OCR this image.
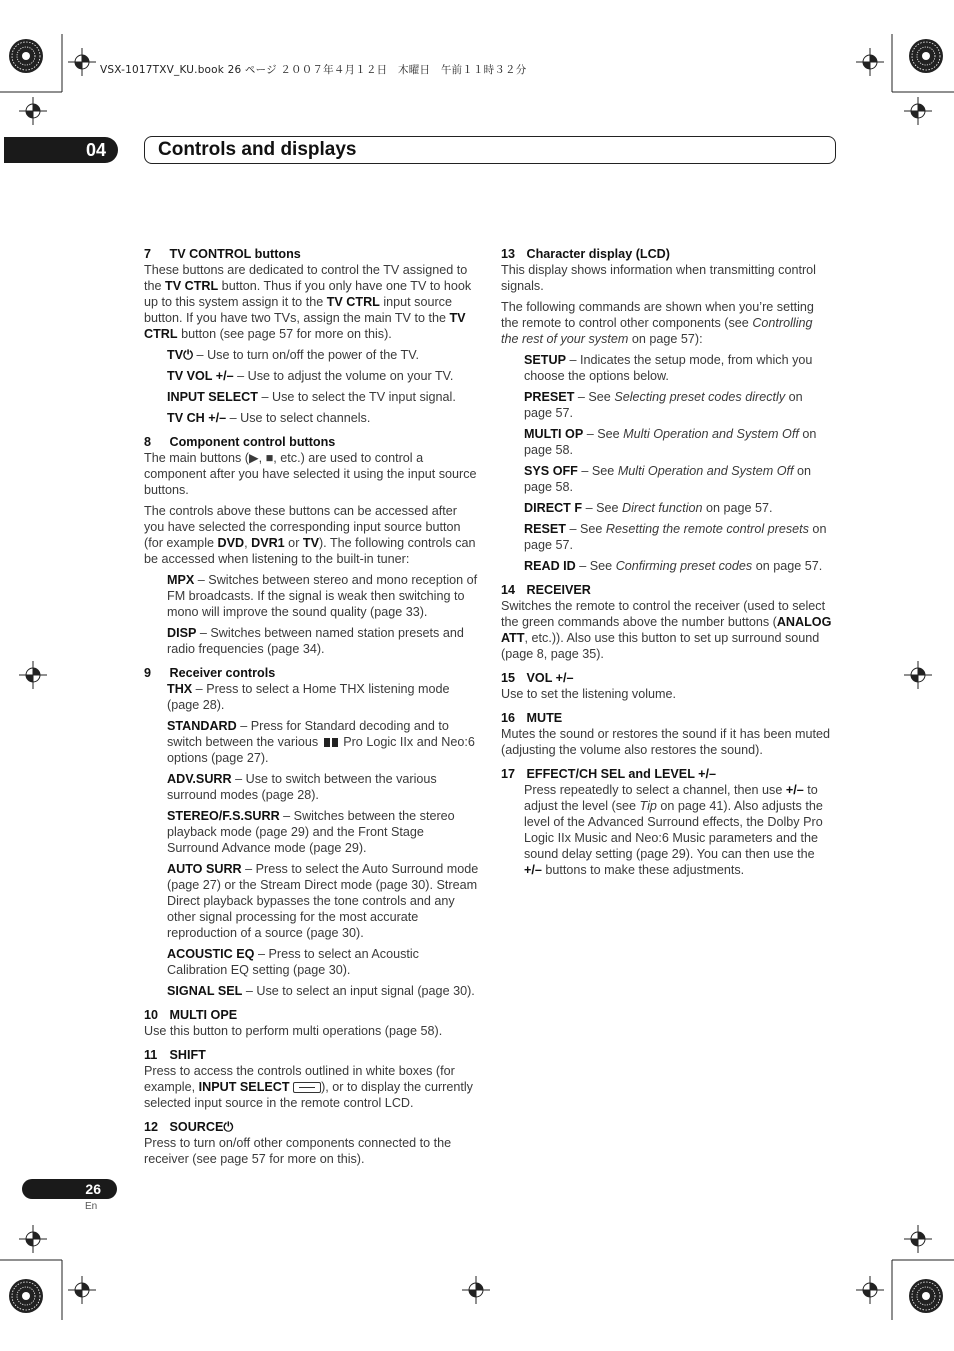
VSX-1017TXV_KU.book 26 ページ ２００７年４月１２日　木曜日　午前１１時３２分
04	Controls and displays
7 TV CONTROL buttons

These buttons are dedicated to control the TV assigned to the TV CTRL button. Thus if you only have one TV to hook up to this system assign it to the TV CTRL input source button. If you have two TVs, assign the main TV to the TV CTRL button (see page 57 for more on this).

TV⏻ – Use to turn on/off the power of the TV.

TV VOL +/– – Use to adjust the volume on your TV.

INPUT SELECT – Use to select the TV input signal.

TV CH +/– – Use to select channels.

8 Component control buttons

The main buttons (▶, ■, etc.) are used to control a component after you have selected it using the input source buttons.

The controls above these buttons can be accessed after you have selected the corresponding input source button (for example DVD, DVR1 or TV). The following controls can be accessed when listening to the built-in tuner:

MPX – Switches between stereo and mono reception of FM broadcasts. If the signal is weak then switching to mono will improve the sound quality (page 33).

DISP – Switches between named station presets and radio frequencies (page 34).

9 Receiver controls

THX – Press to select a Home THX listening mode (page 28).

STANDARD – Press for Standard decoding and to switch between the various  Pro Logic IIx and Neo:6 options (page 27).

ADV.SURR – Use to switch between the various surround modes (page 28).

STEREO/F.S.SURR – Switches between the stereo playback mode (page 29) and the Front Stage Surround Advance mode (page 29).

AUTO SURR – Press to select the Auto Surround mode (page 27) or the Stream Direct mode (page 30). Stream Direct playback bypasses the tone controls and any other signal processing for the most accurate reproduction of a source (page 30).

ACOUSTIC EQ – Press to select an Acoustic Calibration EQ setting (page 30).

SIGNAL SEL – Use to select an input signal (page 30).

10 MULTI OPE

Use this button to perform multi operations (page 58).

11 SHIFT

Press to access the controls outlined in white boxes (for example, INPUT SELECT	), or to display the currently selected input source in the remote control LCD.

12 SOURCE⏻

Press to turn on/off other components connected to the receiver (see page 57 for more on this).

13 Character display (LCD)

This display shows information when transmitting control signals.

The following commands are shown when you’re setting the remote to control other components (see Controlling the rest of your system on page 57):

SETUP – Indicates the setup mode, from which you choose the options below.

PRESET – See Selecting preset codes directly on page 57.

MULTI OP – See Multi Operation and System Off on page 58.

SYS OFF – See Multi Operation and System Off on page 58.

DIRECT F – See Direct function on page 57.

RESET – See Resetting the remote control presets on page 57.

READ ID – See Confirming preset codes on page 57.

14 RECEIVER

Switches the remote to control the receiver (used to select the green commands above the number buttons (ANALOG ATT, etc.)). Also use this button to set up surround sound (page 8, page 35).

15 VOL +/–

Use to set the listening volume.

16 MUTE

Mutes the sound or restores the sound if it has been muted (adjusting the volume also restores the sound).

17 EFFECT/CH SEL and LEVEL +/–

Press repeatedly to select a channel, then use +/– to adjust the level (see Tip on page 41). Also adjusts the level of the Advanced Surround effects, the Dolby Pro Logic IIx Music and Neo:6 Music parameters and the sound delay setting (page 29). You can then use the +/– buttons to make these adjustments.

26
En
